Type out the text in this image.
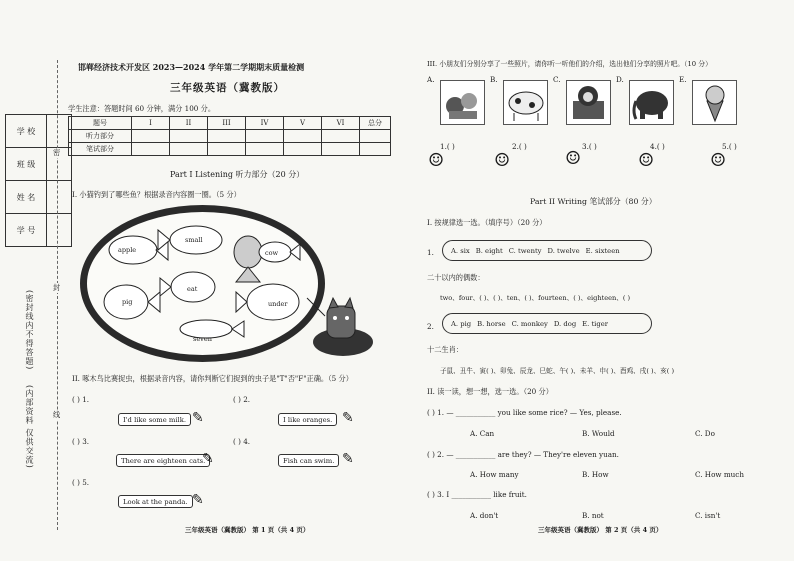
学 校	
班 级	
姓 名	
学 号	
(密封线内不得答题)
(内部资料 仅供交流)
密
封
线
邯郸经济技术开发区 2023—2024 学年第二学期期末质量检测
三年级英语（冀教版）
学生注意：答题时间 60 分钟，满分 100 分。
题号	I	II	III	IV	V	VI	总分
听力部分							
笔试部分							
Part I Listening 听力部分（20 分）
I. 小猫钓到了哪些鱼？根据录音内容圈一圈。（5 分）
apple
small
cow
pig
eat
under
seven
II. 啄木鸟比赛捉虫，根据录音内容，请你判断它们捉到的虫子是"T"否"F"正确。（5 分）
( ) 1.
I'd like some milk. ✎
( ) 2.
I like oranges. ✎
( ) 3.
There are eighteen cats.
✎
( ) 4.
Fish can swim. ✎
( ) 5.
Look at the panda. ✎
三年级英语（冀教版） 第 1 页（共 4 页）
III. 小朋友们分别分享了一些照片，请你听一听他们的介绍，选出他们分享的照片吧。（10 分）
A.	B.	C.	D.	E.
1.( )
☺
2.( )
☺
3.( )
☺
4.( )
☺
5.( )
☺
Part II Writing 笔试部分（80 分）
I. 按规律选一选。（填序号）（20 分）
1.	A. six B. eight C. twenty D. twelve E. sixteen
二十以内的偶数：
two、four、( )、( )、ten、( )、fourteen、( )、eighteen、( )
2.	A. pig B. horse C. monkey D. dog E. tiger
十二生肖：
子鼠、丑牛、寅( )、卯兔、辰龙、巳蛇、午( )、未羊、申( )、酉鸡、戌( )、亥( )
II. 读一读，想一想，选一选。（20 分）
( ) 1. — ___________ you like some rice? — Yes, please.
A. Can	B. Would	C. Do
( ) 2. — ___________ are they? — They're eleven yuan.
A. How many	B. How	C. How much
( ) 3. I ___________ like fruit.
A. don't	B. not	C. isn't
三年级英语（冀教版） 第 2 页（共 4 页）
